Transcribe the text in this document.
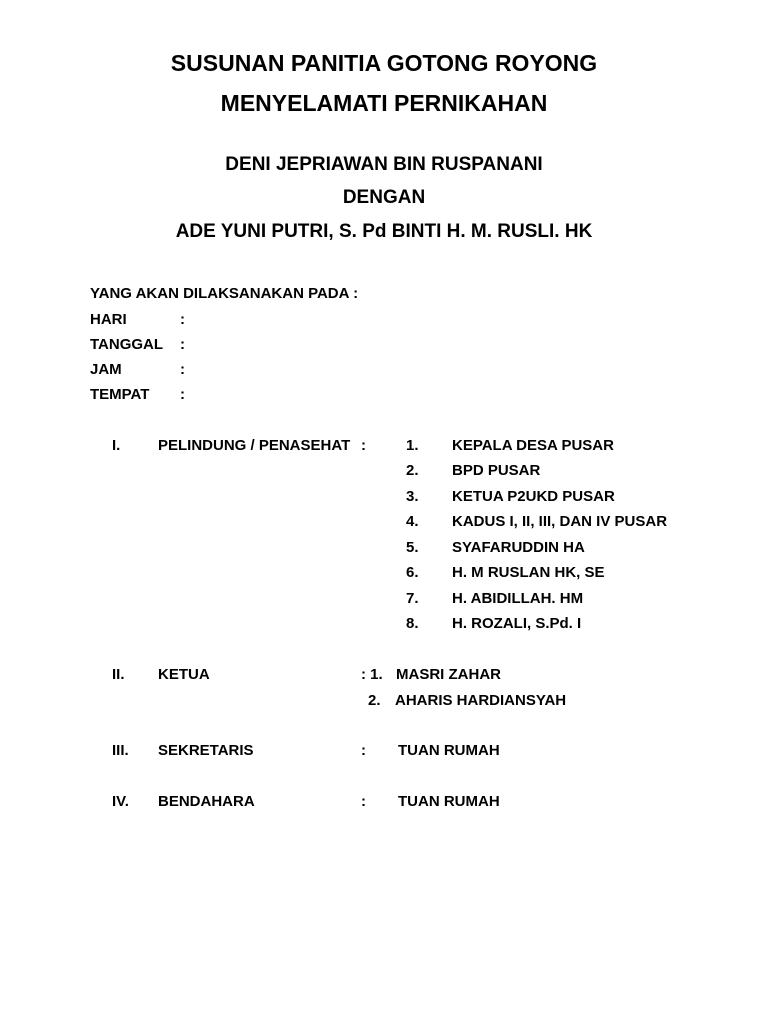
SUSUNAN PANITIA GOTONG ROYONG
MENYELAMATI PERNIKAHAN
DENI JEPRIAWAN BIN RUSPANANI
DENGAN
ADE YUNI PUTRI, S. Pd BINTI H. M. RUSLI. HK
YANG AKAN DILAKSANAKAN PADA :
HARI	:
TANGGAL :
JAM	:
TEMPAT :
I.	PELINDUNG / PENASEHAT :	1. KEPALA DESA PUSAR
2. BPD PUSAR
3. KETUA P2UKD PUSAR
4. KADUS I, II, III, DAN IV PUSAR
5. SYAFARUDDIN HA
6. H. M RUSLAN HK, SE
7. H. ABIDILLAH. HM
8. H. ROZALI, S.Pd. I
II. KETUA	: 1. MASRI ZAHAR
2. AHARIS HARDIANSYAH
III. SEKRETARIS	: TUAN RUMAH
IV. BENDAHARA	: TUAN RUMAH
